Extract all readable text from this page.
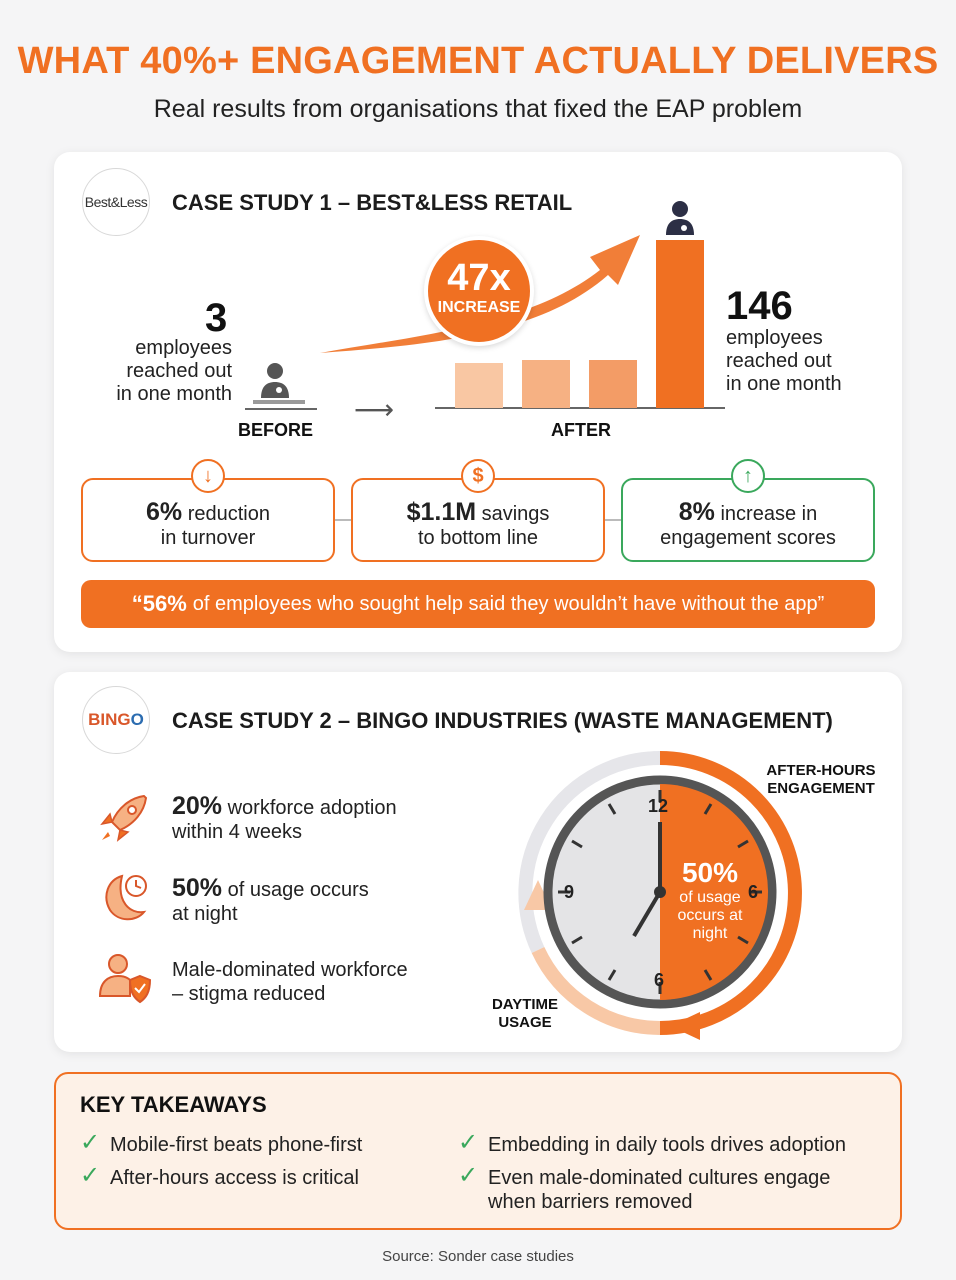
WHAT 40%+ ENGAGEMENT ACTUALLY DELIVERS
Real results from organisations that fixed the EAP problem
Best&Less CASE STUDY 1 – BEST&LESS RETAIL
47x
INCREASE
3
employees
reached out
in one month
BEFORE
⟶
AFTER
146
employees
reached out
in one month
6% reduction
in turnover
↓
$1.1M savings
to bottom line
$
8% increase in
engagement scores
↑
“56% of employees who sought help said they wouldn’t have without the app”
BINGO CASE STUDY 2 – BINGO INDUSTRIES (WASTE MANAGEMENT)
20% workforce adoption
within 4 weeks
50% of usage occurs
at night
Male-dominated workforce
– stigma reduced
12
6
6
9
50%
of usage
occurs at
night
AFTER-HOURS
ENGAGEMENT
DAYTIME
USAGE
KEY TAKEAWAYS
✓ Mobile-first beats phone-first
✓ After-hours access is critical
✓ Embedding in daily tools drives adoption
✓ Even male-dominated cultures engage
when barriers removed
Source: Sonder case studies
